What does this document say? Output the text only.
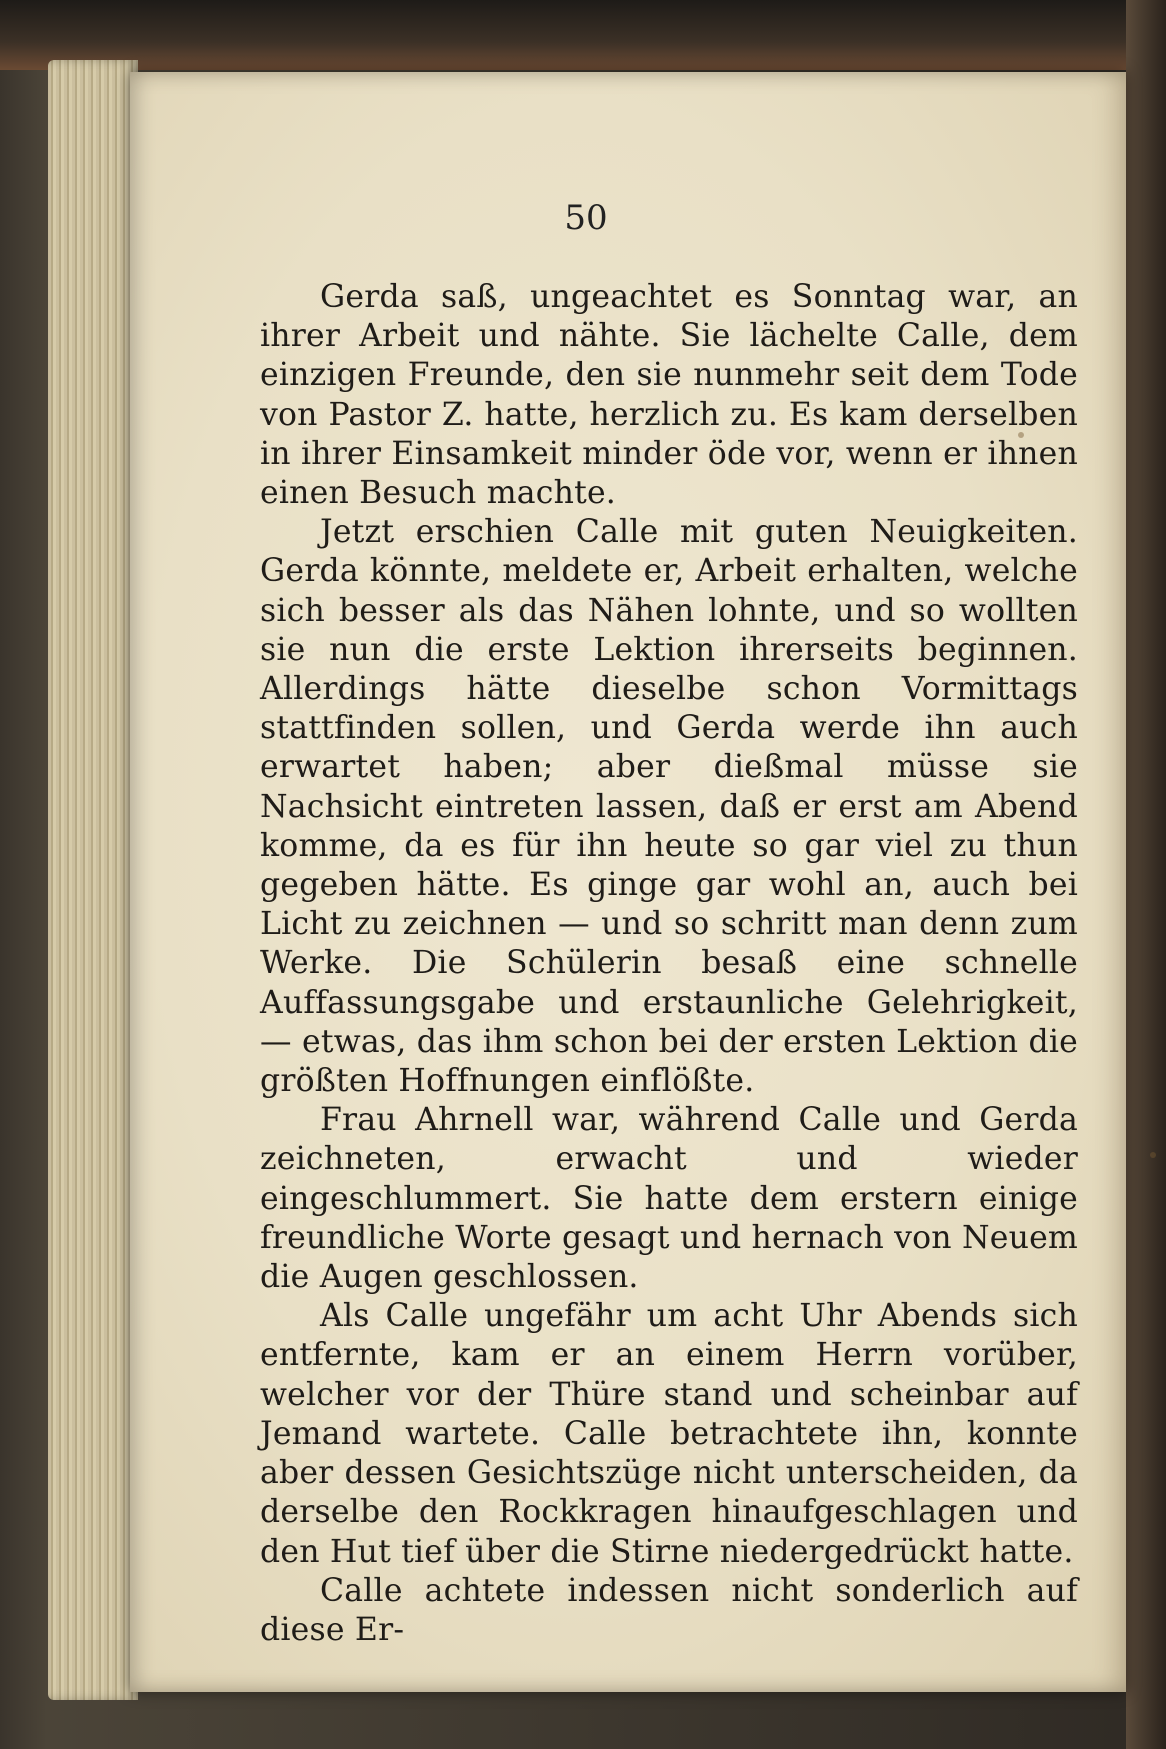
50

Gerda saß, ungeachtet es Sonntag war, an ihrer Arbeit und nähte. Sie lächelte Calle, dem einzigen Freunde, den sie nunmehr seit dem Tode von Pastor Z. hatte, herzlich zu. Es kam derselben in ihrer Einsamkeit minder öde vor, wenn er ihnen einen Besuch machte.

Jetzt erschien Calle mit guten Neuigkeiten. Gerda könnte, meldete er, Arbeit erhalten, welche sich besser als das Nähen lohnte, und so wollten sie nun die erste Lektion ihrerseits beginnen. Allerdings hätte dieselbe schon Vormittags stattfinden sollen, und Gerda werde ihn auch erwartet haben; aber dießmal müsse sie Nachsicht eintreten lassen, daß er erst am Abend komme, da es für ihn heute so gar viel zu thun gegeben hätte. Es ginge gar wohl an, auch bei Licht zu zeichnen — und so schritt man denn zum Werke. Die Schülerin besaß eine schnelle Auffassungsgabe und erstaunliche Gelehrigkeit, — etwas, das ihm schon bei der ersten Lektion die größten Hoffnungen einflößte.

Frau Ahrnell war, während Calle und Gerda zeichneten, erwacht und wieder eingeschlummert. Sie hatte dem erstern einige freundliche Worte gesagt und hernach von Neuem die Augen geschlossen.

Als Calle ungefähr um acht Uhr Abends sich entfernte, kam er an einem Herrn vorüber, welcher vor der Thüre stand und scheinbar auf Jemand wartete. Calle betrachtete ihn, konnte aber dessen Gesichtszüge nicht unterscheiden, da derselbe den Rockkragen hinaufgeschlagen und den Hut tief über die Stirne niedergedrückt hatte.

Calle achtete indessen nicht sonderlich auf diese Er-
